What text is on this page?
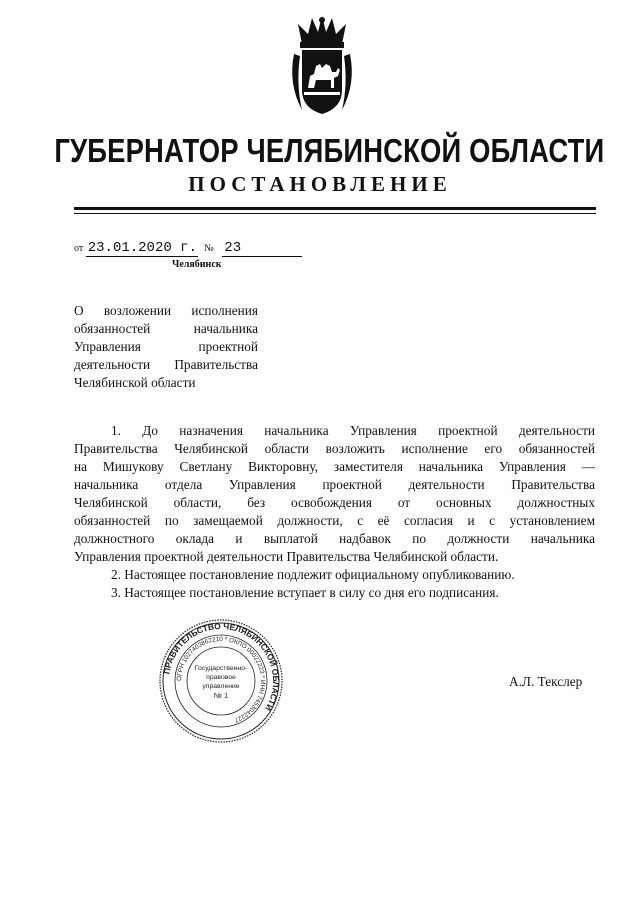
ГУБЕРНАТОР ЧЕЛЯБИНСКОЙ ОБЛАСТИ
ПОСТАНОВЛЕНИЕ
от 23.01.2020 г. № 23
Челябинск
О возложении исполнения
обязанностей начальника
Управления проектной
деятельности Правительства
Челябинской области
1. До назначения начальника Управления проектной деятельности
Правительства Челябинской области возложить исполнение его обязанностей
на Мишукову Светлану Викторовну, заместителя начальника Управления —
начальника отдела Управления проектной деятельности Правительства
Челябинской области, без освобождения от основных должностных
обязанностей по замещаемой должности, с её согласия и с установлением
должностного оклада и выплатой надбавок по должности начальника
Управления проектной деятельности Правительства Челябинской области.
2. Настоящее постановление подлежит официальному опубликованию.
3. Настоящее постановление вступает в силу со дня его подписания.
ПРАВИТЕЛЬСТВО ЧЕЛЯБИНСКОЙ ОБЛАСТИ
ОГРН 1027403862210 * ОКПО 00022223 * ИНН 7453042227
Государственно-
правовое
управление
№ 1
А.Л. Текслер
